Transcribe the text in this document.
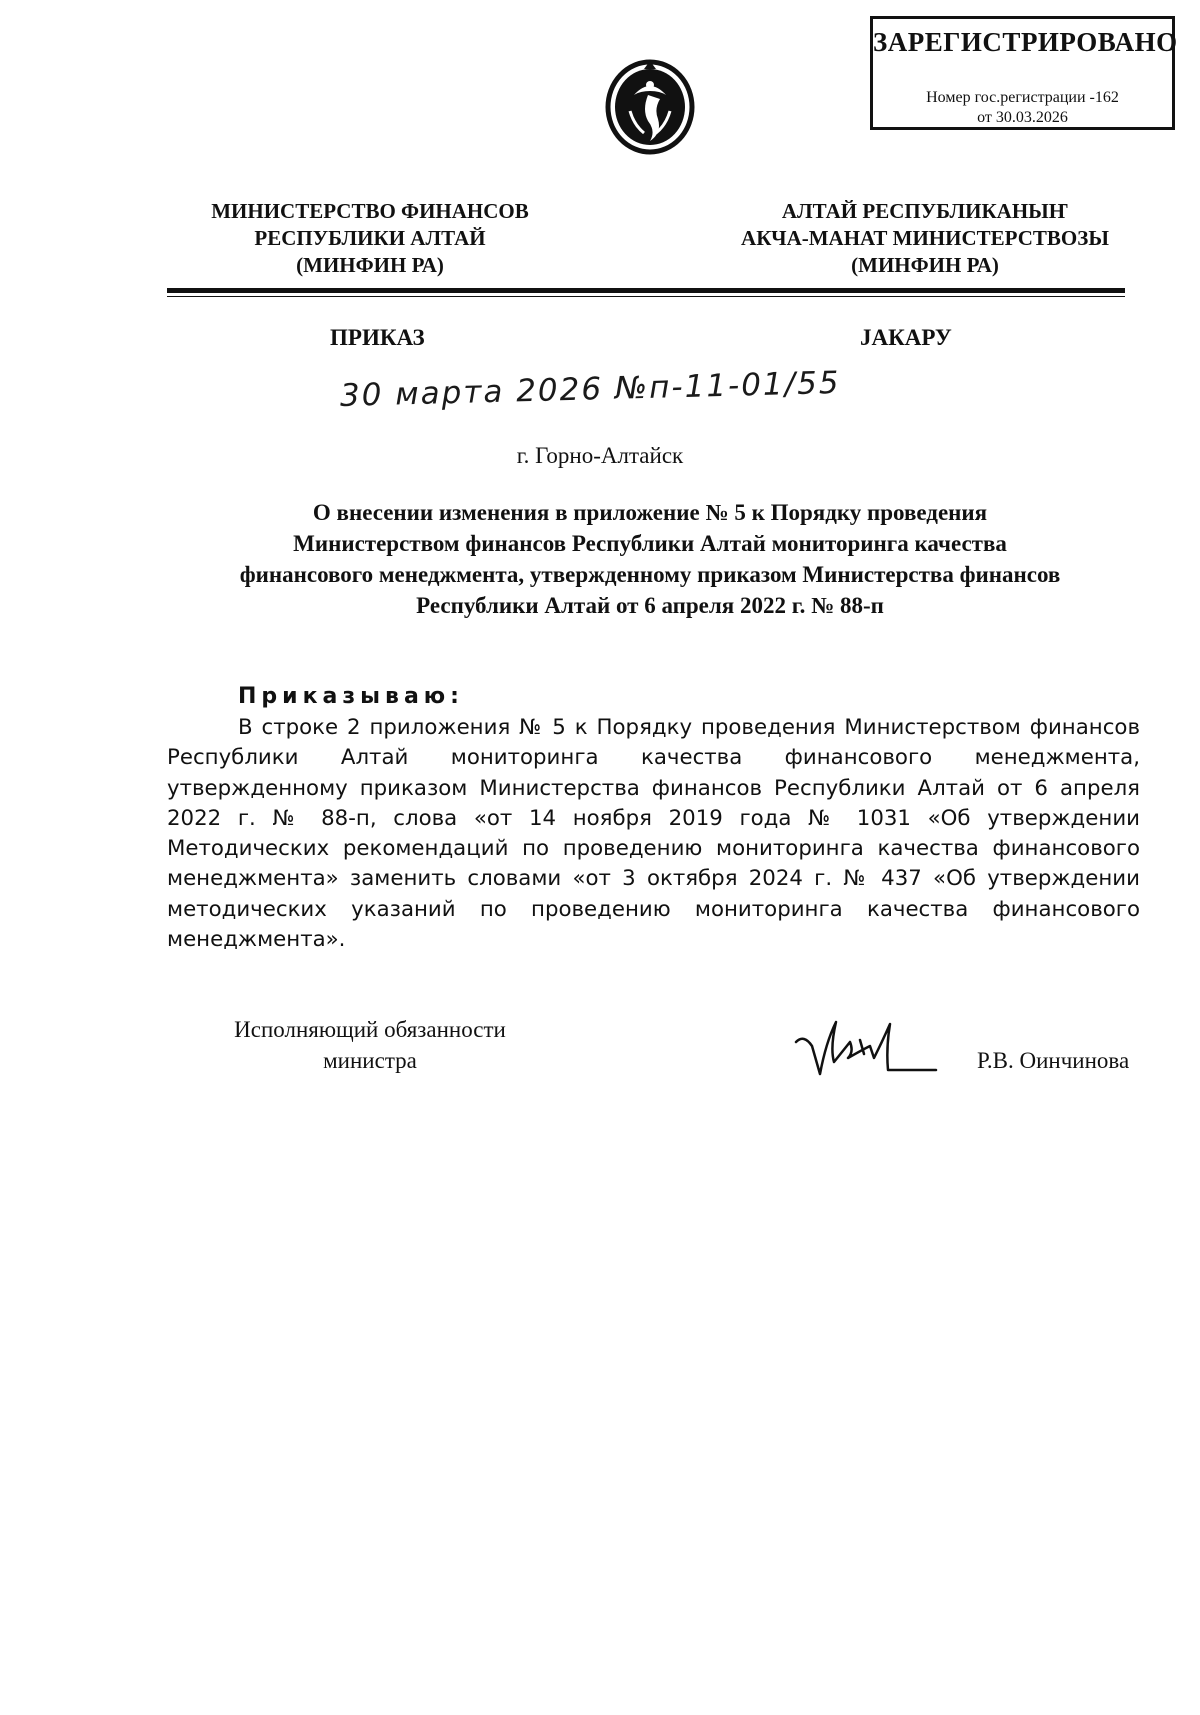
ЗАРЕГИСТРИРОВАНО
Номер гос.регистрации -162
от 30.03.2026
МИНИСТЕРСТВО ФИНАНСОВ
РЕСПУБЛИКИ АЛТАЙ
(МИНФИН РА)
АЛТАЙ РЕСПУБЛИКАНЫҤ
АКЧА-МАНАТ МИНИСТЕРСТВОЗЫ
(МИНФИН РА)
ПРИКАЗ	JАКАРУ
30 марта 2026 №п-11-01/55
г. Горно-Алтайск
О внесении изменения в приложение № 5 к Порядку проведения
Министерством финансов Республики Алтай мониторинга качества
финансового менеджмента, утвержденному приказом Министерства финансов
Республики Алтай от 6 апреля 2022 г. № 88-п
Приказываю:
В строке 2 приложения № 5 к Порядку проведения Министерством финансов Республики Алтай мониторинга качества финансового менеджмента, утвержденному приказом Министерства финансов Республики Алтай от 6 апреля 2022 г. № 88-п, слова «от 14 ноября 2019 года № 1031 «Об утверждении Методических рекомендаций по проведению мониторинга качества финансового менеджмента» заменить словами «от 3 октября 2024 г. № 437 «Об утверждении методических указаний по проведению мониторинга качества финансового менеджмента».
Исполняющий обязанности
министра	Р.В. Оинчинова
